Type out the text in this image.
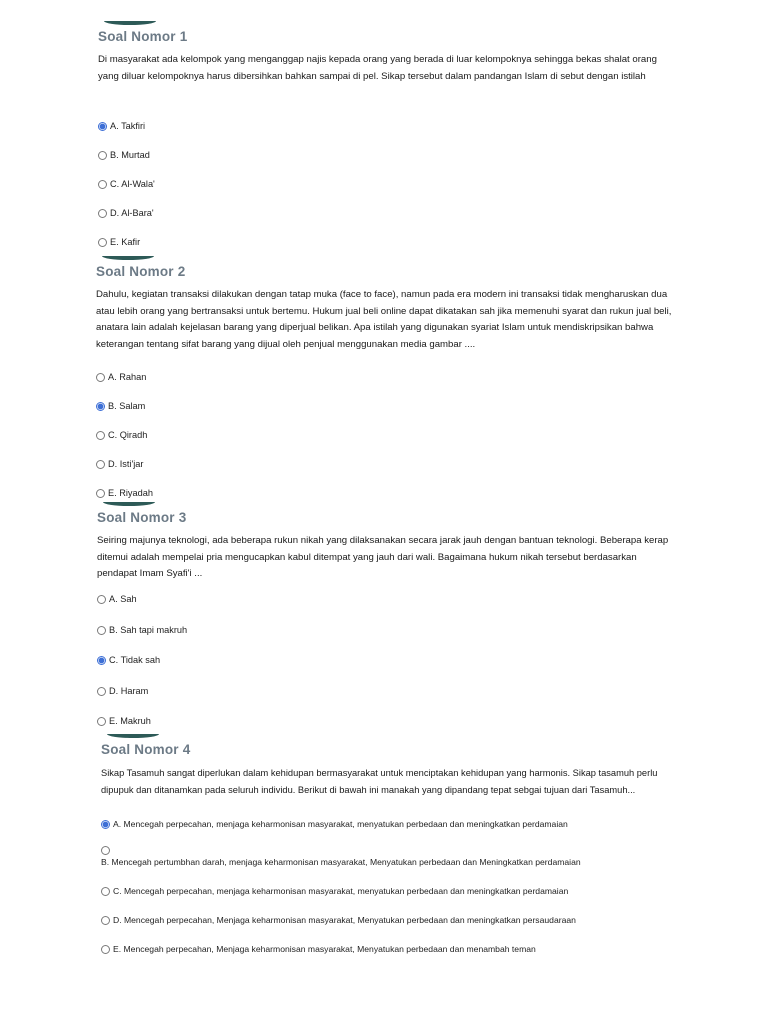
Soal Nomor 1
Di masyarakat ada kelompok yang menganggap najis kepada orang yang berada di luar kelompoknya sehingga bekas shalat orang yang diluar kelompoknya harus dibersihkan bahkan sampai di pel. Sikap tersebut dalam pandangan Islam di sebut dengan istilah
A. Takfiri
B. Murtad
C. Al-Wala'
D. Al-Bara'
E. Kafir
Soal Nomor 2
Dahulu, kegiatan transaksi dilakukan dengan tatap muka (face to face), namun pada era modern ini transaksi tidak mengharuskan dua atau lebih orang yang bertransaksi untuk bertemu. Hukum jual beli online dapat dikatakan sah jika memenuhi syarat dan rukun jual beli, anatara lain adalah kejelasan barang yang diperjual belikan. Apa istilah yang digunakan syariat Islam untuk mendiskripsikan bahwa keterangan tentang sifat barang yang dijual oleh penjual menggunakan media gambar ....
A. Rahan
B. Salam
C. Qiradh
D. Isti'jar
E. Riyadah
Soal Nomor 3
Seiring majunya teknologi, ada beberapa rukun nikah yang dilaksanakan secara jarak jauh dengan bantuan teknologi. Beberapa kerap ditemui adalah mempelai pria mengucapkan kabul ditempat yang jauh dari wali. Bagaimana hukum nikah tersebut berdasarkan pendapat Imam Syafi'i ...
A. Sah
B. Sah tapi makruh
C. Tidak sah
D. Haram
E. Makruh
Soal Nomor 4
Sikap Tasamuh sangat diperlukan dalam kehidupan bermasyarakat untuk menciptakan kehidupan yang harmonis. Sikap tasamuh perlu dipupuk dan ditanamkan pada seluruh individu. Berikut di bawah ini manakah yang dipandang tepat sebgai tujuan dari Tasamuh...
A. Mencegah perpecahan, menjaga keharmonisan masyarakat, menyatukan perbedaan dan meningkatkan perdamaian
B. Mencegah pertumbhan darah, menjaga keharmonisan masyarakat, Menyatukan perbedaan dan Meningkatkan perdamaian
C. Mencegah perpecahan, menjaga keharmonisan masyarakat, menyatukan perbedaan dan meningkatkan perdamaian
D. Mencegah perpecahan, Menjaga keharmonisan masyarakat, Menyatukan perbedaan dan meningkatkan persaudaraan
E. Mencegah perpecahan, Menjaga keharmonisan masyarakat, Menyatukan perbedaan dan menambah teman
